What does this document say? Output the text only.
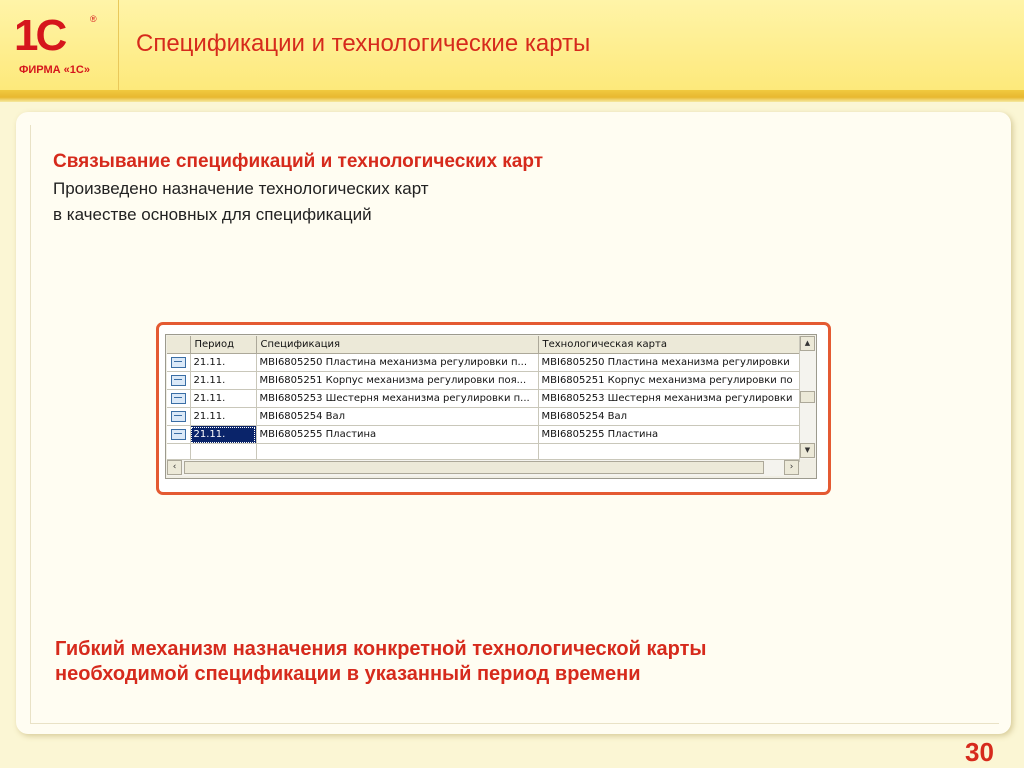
1С	®
ФИРМА «1С»
Спецификации и технологические карты
Связывание спецификаций и технологических карт
Произведено назначение технологических карт
в качестве основных для спецификаций
	Период	Спецификация	Технологическая карта
	21.11.	MBI6805250 Пластина механизма регулировки п...	MBI6805250 Пластина механизма регулировки
	21.11.	MBI6805251 Корпус механизма регулировки поя...	MBI6805251 Корпус механизма регулировки по
	21.11.	MBI6805253 Шестерня механизма регулировки п...	MBI6805253 Шестерня механизма регулировки
	21.11.	MBI6805254 Вал	MBI6805254 Вал
	21.11.	MBI6805255 Пластина	MBI6805255 Пластина

▲
▼
‹	›
Гибкий механизм назначения конкретной технологической карты
необходимой спецификации в указанный период времени
30
